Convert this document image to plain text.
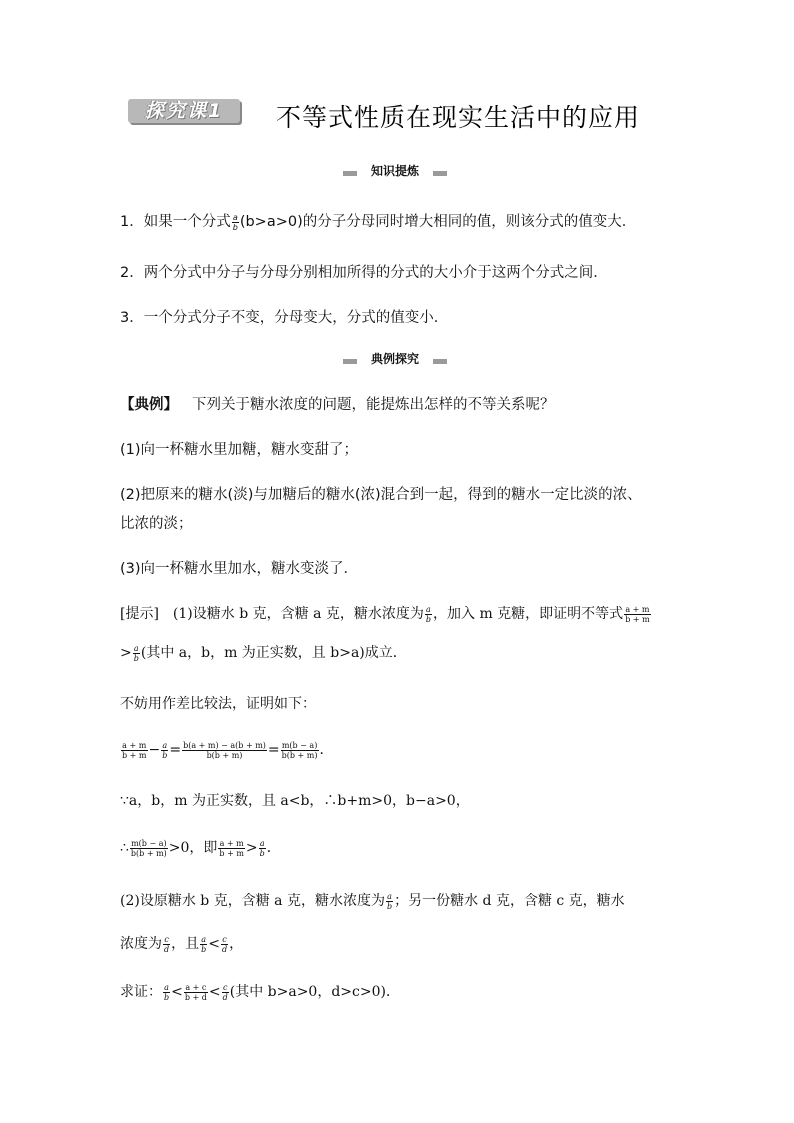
探究课1	不等式性质在现实生活中的应用
知识提炼
1．如果一个分式 $\frac{a}{b} (b>a>0)$的分子分母同时增大相同的值，则该分式的值变大．
2．两个分式中分子与分母分别相加所得的分式的大小介于这两个分式之间．
3．一个分式分子不变，分母变大，分式的值变小．
典例探究
【典例】 下列关于糖水浓度的问题，能提炼出怎样的不等关系呢？
(1)向一杯糖水里加糖，糖水变甜了；
(2)把原来的糖水(淡)与加糖后的糖水(浓)混合到一起，得到的糖水一定比淡的浓、
比浓的淡；
(3)向一杯糖水里加水，糖水变淡了．
[提示]　(1)设糖水 b 克，含糖 a 克，糖水浓度为 $\frac{a}{b}$ ，加入 m 克糖，即证明不等式 $\frac{a + m}{b + m}$
> $\frac{a}{b}$ (其中 a，b，m 为正实数，且 b>a)成立．
不妨用作差比较法，证明如下：
$\frac{a + m}{b + m} - \frac{a}{b} = \frac{b(a + m) - a(b + m)}{b(b + m)} = \frac{m(b - a)}{b(b + m)}$ ．
∵a，b，m 为正实数，且 a<b，∴b+m>0，b−a>0，
∴ $\frac{m(b - a)}{b(b + m)} >0$，即 $\frac{a + m}{b + m} > \frac{a}{b}$ ．
(2)设原糖水 b 克，含糖 a 克，糖水浓度为 $\frac{a}{b}$ ；另一份糖水 d 克，含糖 c 克，糖水
浓度为 $\frac{c}{d}$ ，且 $\frac{a}{b} < \frac{c}{d}$ ，
求证： $\frac{a}{b} < \frac{a + c}{b + d} < \frac{c}{d}$ (其中 b>a>0，d>c>0)．
